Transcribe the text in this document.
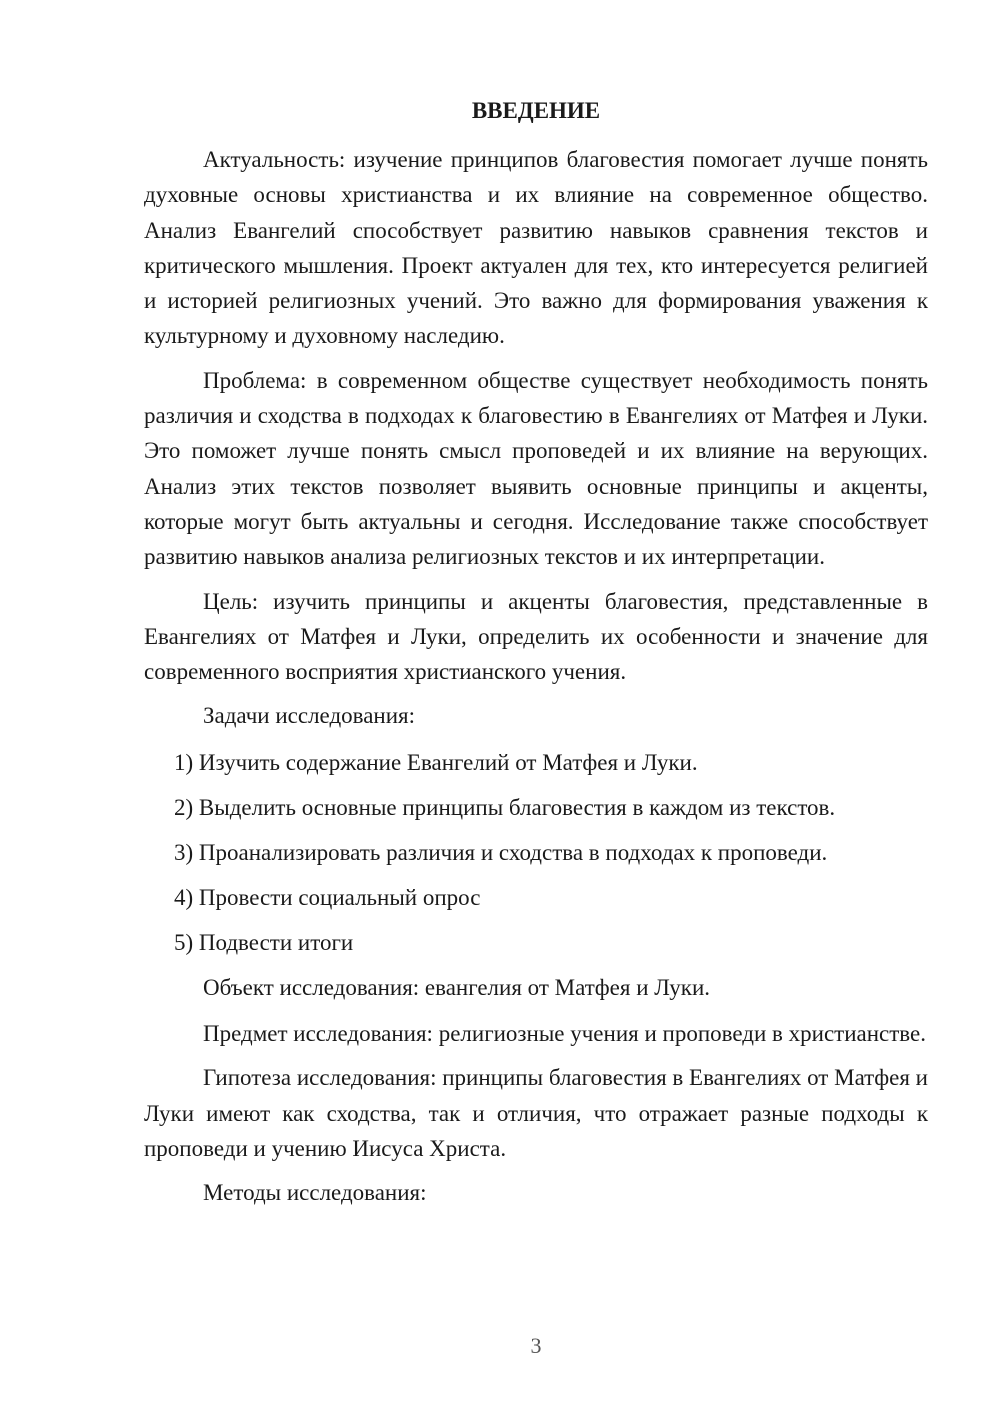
ВВЕДЕНИЕ
Актуальность: изучение принципов благовестия помогает лучше понять духовные основы христианства и их влияние на современное общество. Анализ Евангелий способствует развитию навыков сравнения текстов и критического мышления. Проект актуален для тех, кто интересуется религией и историей религиозных учений. Это важно для формирования уважения к культурному и духовному наследию.
Проблема: в современном обществе существует необходимость понять различия и сходства в подходах к благовестию в Евангелиях от Матфея и Луки. Это поможет лучше понять смысл проповедей и их влияние на верующих. Анализ этих текстов позволяет выявить основные принципы и акценты, которые могут быть актуальны и сегодня. Исследование также способствует развитию навыков анализа религиозных текстов и их интерпретации.
Цель: изучить принципы и акценты благовестия, представленные в Евангелиях от Матфея и Луки, определить их особенности и значение для современного восприятия христианского учения.
Задачи исследования:
1) Изучить содержание Евангелий от Матфея и Луки.
2) Выделить основные принципы благовестия в каждом из текстов.
3) Проанализировать различия и сходства в подходах к проповеди.
4) Провести социальный опрос
5) Подвести итоги
Объект исследования: евангелия от Матфея и Луки.
Предмет исследования: религиозные учения и проповеди в христианстве.
Гипотеза исследования: принципы благовестия в Евангелиях от Матфея и Луки имеют как сходства, так и отличия, что отражает разные подходы к проповеди и учению Иисуса Христа.
Методы исследования:
3
